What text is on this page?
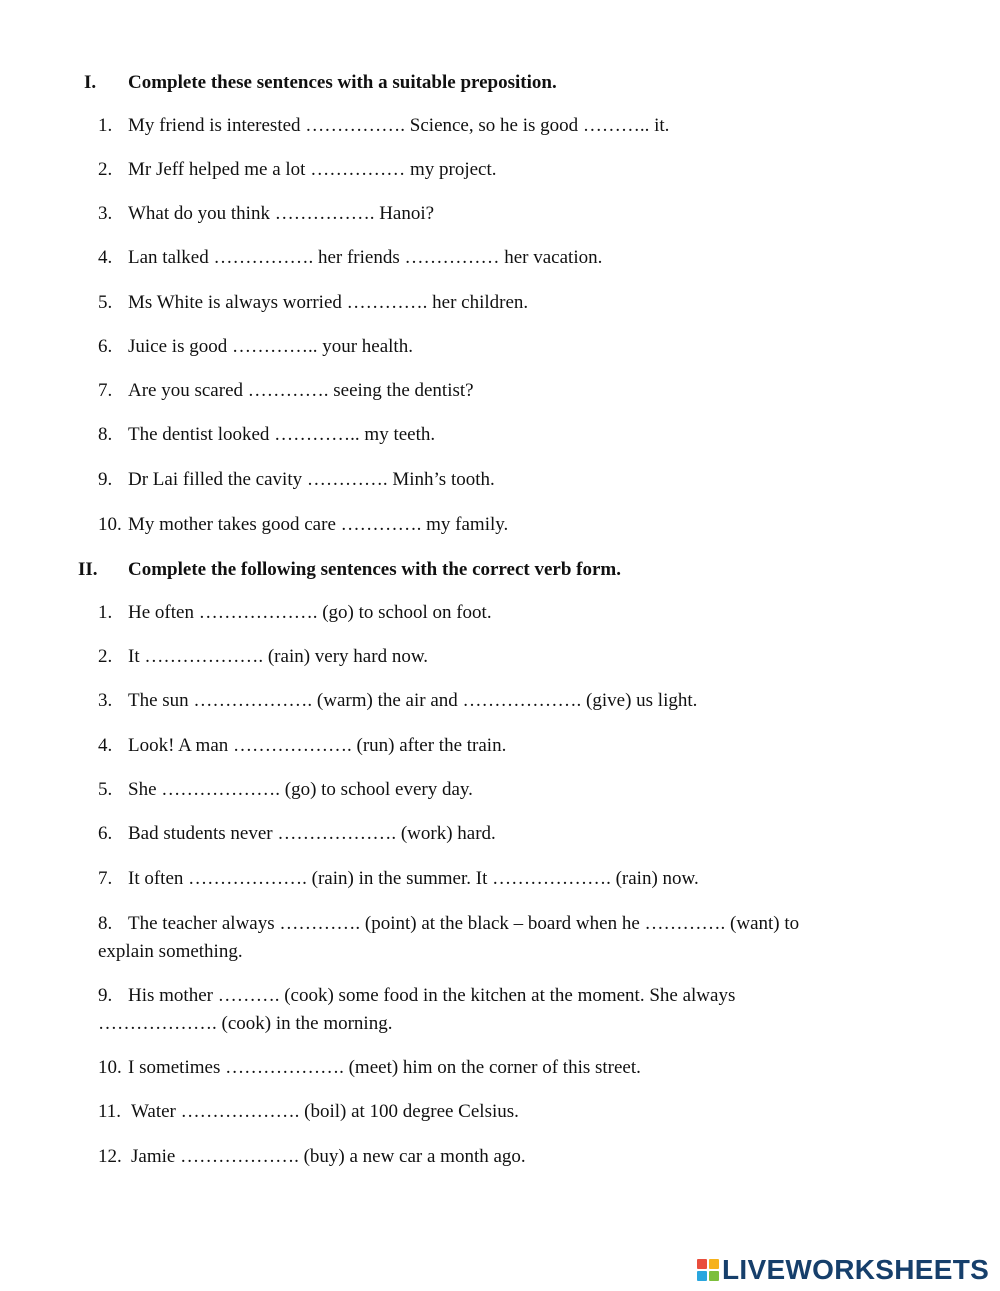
I. Complete these sentences with a suitable preposition.
1. My friend is interested ……………. Science, so he is good ……….. it.
2. Mr Jeff helped me a lot …………… my project.
3. What do you think ……………. Hanoi?
4. Lan talked ……………. her friends …………… her vacation.
5. Ms White is always worried …………. her children.
6. Juice is good ………….. your health.
7. Are you scared …………. seeing the dentist?
8. The dentist looked ………….. my teeth.
9. Dr Lai filled the cavity …………. Minh’s tooth.
10. My mother takes good care …………. my family.
II. Complete the following sentences with the correct verb form.
1. He often ………………. (go) to school on foot.
2. It ………………. (rain) very hard now.
3. The sun ………………. (warm) the air and ………………. (give) us light.
4. Look! A man ………………. (run) after the train.
5. She ………………. (go) to school every day.
6. Bad students never ………………. (work) hard.
7. It often ………………. (rain) in the summer. It ………………. (rain) now.
8. The teacher always …………. (point) at the black – board when he …………. (want) to
explain something.
9. His mother ………. (cook) some food in the kitchen at the moment. She always
………………. (cook) in the morning.
10. I sometimes ………………. (meet) him on the corner of this street.
11. Water ………………. (boil) at 100 degree Celsius.
12. Jamie ………………. (buy) a new car a month ago.
LIVEWORKSHEETS
